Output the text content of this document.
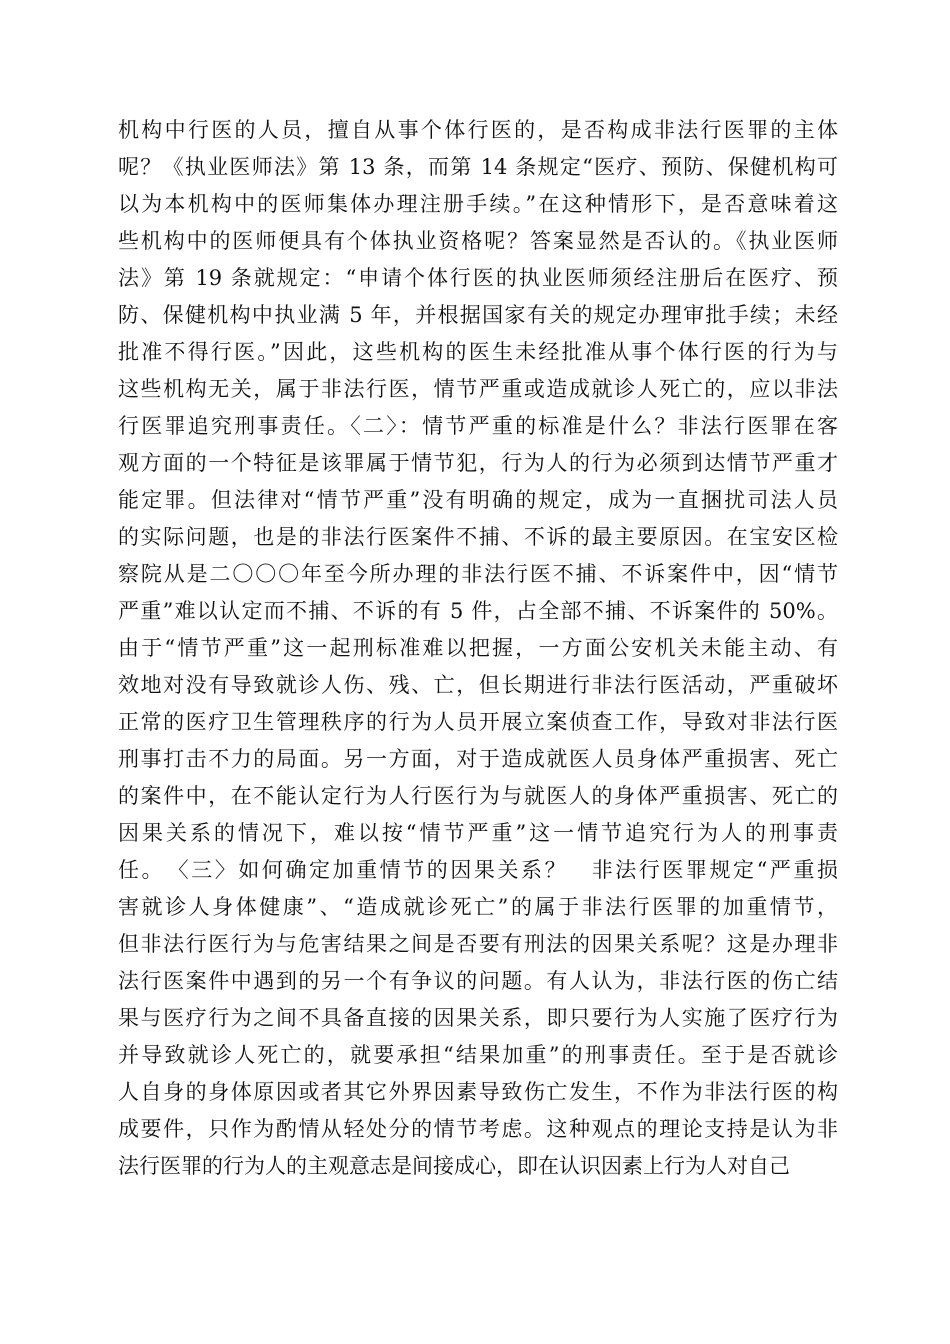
机构中行医的人员，擅自从事个体行医的，是否构成非法行医罪的主体
呢？《执业医师法》第 13 条，而第 14 条规定“医疗、预防、保健机构可
以为本机构中的医师集体办理注册手续。”在这种情形下，是否意味着这
些机构中的医师便具有个体执业资格呢？答案显然是否认的。《执业医师
法》第 19 条就规定：“申请个体行医的执业医师须经注册后在医疗、预
防、保健机构中执业满 5 年，并根据国家有关的规定办理审批手续；未经
批准不得行医。”因此，这些机构的医生未经批准从事个体行医的行为与
这些机构无关，属于非法行医，情节严重或造成就诊人死亡的，应以非法
行医罪追究刑事责任。〈二〉：情节严重的标准是什么？非法行医罪在客
观方面的一个特征是该罪属于情节犯，行为人的行为必须到达情节严重才
能定罪。但法律对“情节严重”没有明确的规定，成为一直捆扰司法人员
的实际问题，也是的非法行医案件不捕、不诉的最主要原因。在宝安区检
察院从是二〇〇〇年至今所办理的非法行医不捕、不诉案件中，因“情节
严重”难以认定而不捕、不诉的有 5 件，占全部不捕、不诉案件的 50%。
由于“情节严重”这一起刑标准难以把握，一方面公安机关未能主动、有
效地对没有导致就诊人伤、残、亡，但长期进行非法行医活动，严重破坏
正常的医疗卫生管理秩序的行为人员开展立案侦查工作，导致对非法行医
刑事打击不力的局面。另一方面，对于造成就医人员身体严重损害、死亡
的案件中，在不能认定行为人行医行为与就医人的身体严重损害、死亡的
因果关系的情况下，难以按“情节严重”这一情节追究行为人的刑事责
任。　〈三〉如何确定加重情节的因果关系？　非法行医罪规定“严重损
害就诊人身体健康”、“造成就诊死亡”的属于非法行医罪的加重情节，
但非法行医行为与危害结果之间是否要有刑法的因果关系呢？这是办理非
法行医案件中遇到的另一个有争议的问题。有人认为，非法行医的伤亡结
果与医疗行为之间不具备直接的因果关系，即只要行为人实施了医疗行为
并导致就诊人死亡的，就要承担“结果加重”的刑事责任。至于是否就诊
人自身的身体原因或者其它外界因素导致伤亡发生，不作为非法行医的构
成要件，只作为酌情从轻处分的情节考虑。这种观点的理论支持是认为非
法行医罪的行为人的主观意志是间接成心，即在认识因素上行为人对自己
